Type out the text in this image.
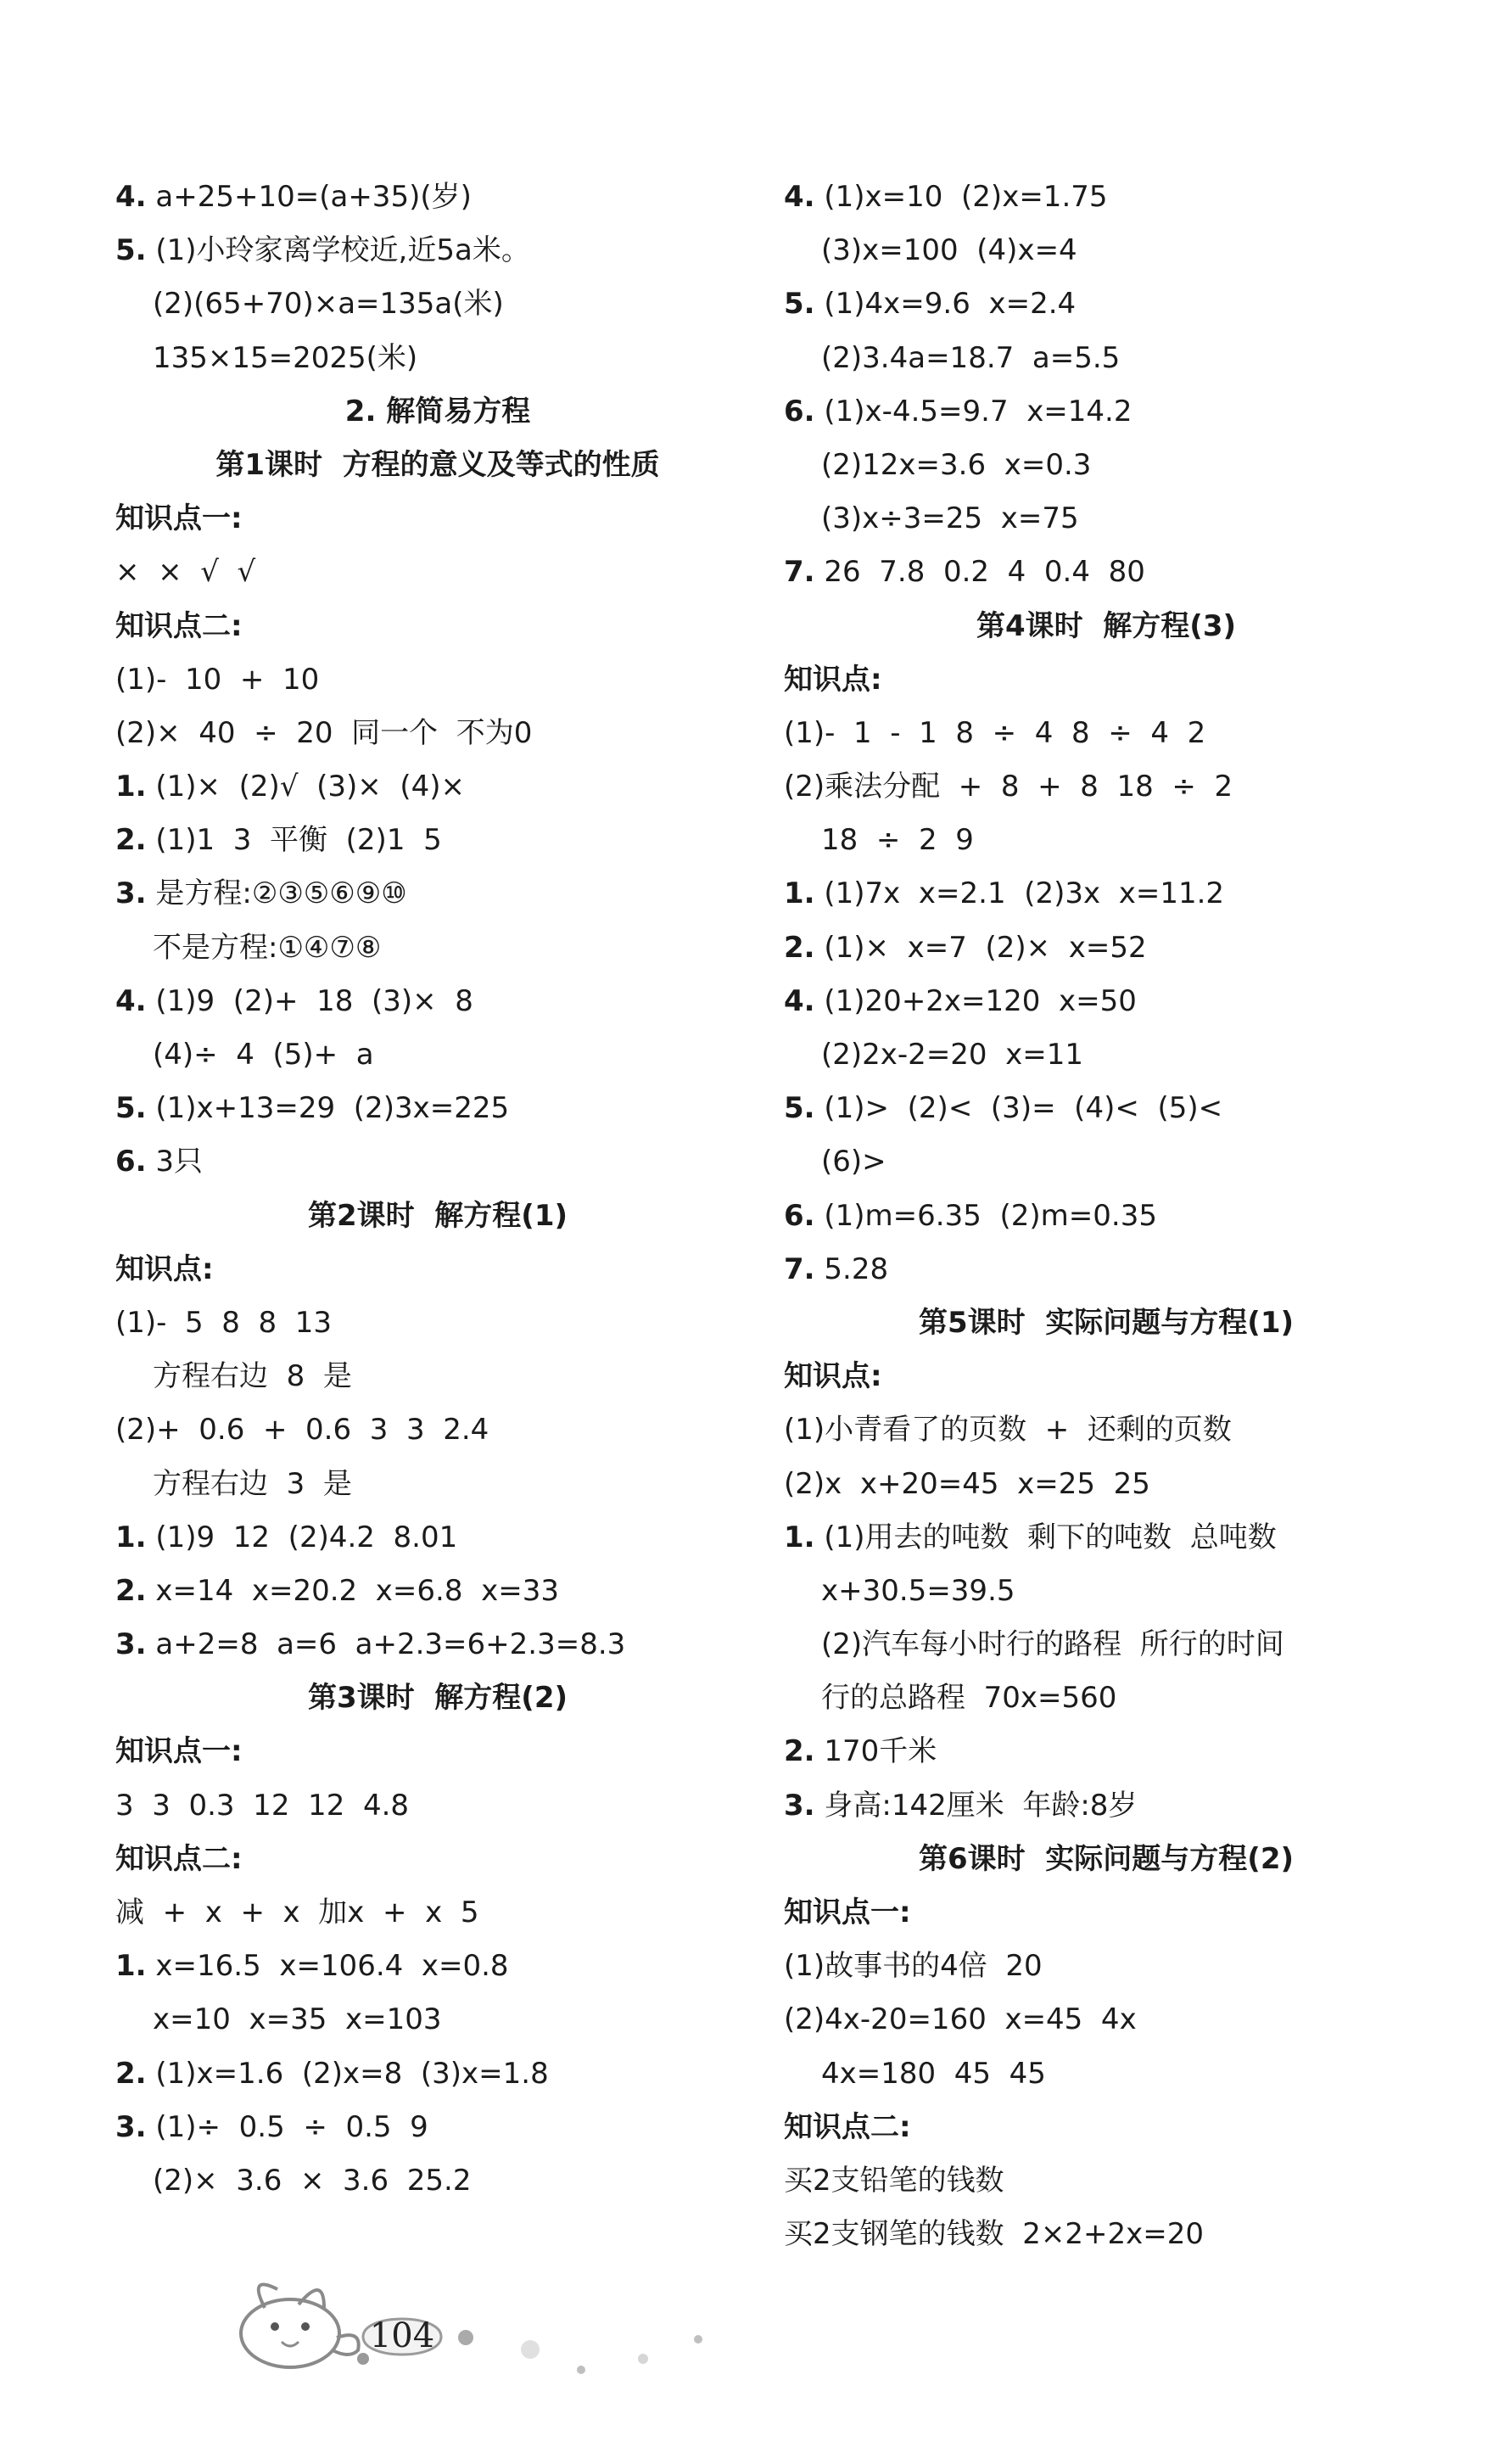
4. a+25+10=(a+35)(岁)
5. (1)小玲家离学校近,近5a米。
(2)(65+70)×a=135a(米)
135×15=2025(米)
2. 解简易方程
第1课时  方程的意义及等式的性质
知识点一:
×  ×  √  √
知识点二:
(1)-  10  +  10
(2)×  40  ÷  20  同一个  不为0
1. (1)×  (2)√  (3)×  (4)×
2. (1)1  3  平衡  (2)1  5
3. 是方程:②③⑤⑥⑨⑩
不是方程:①④⑦⑧
4. (1)9  (2)+  18  (3)×  8
(4)÷  4  (5)+  a
5. (1)x+13=29  (2)3x=225
6. 3只
第2课时  解方程(1)
知识点:
(1)-  5  8  8  13
方程右边  8  是
(2)+  0.6  +  0.6  3  3  2.4
方程右边  3  是
1. (1)9  12  (2)4.2  8.01
2. x=14  x=20.2  x=6.8  x=33
3. a+2=8  a=6  a+2.3=6+2.3=8.3
第3课时  解方程(2)
知识点一:
3  3  0.3  12  12  4.8
知识点二:
减  +  x  +  x  加x  +  x  5
1. x=16.5  x=106.4  x=0.8
x=10  x=35  x=103
2. (1)x=1.6  (2)x=8  (3)x=1.8
3. (1)÷  0.5  ÷  0.5  9
(2)×  3.6  ×  3.6  25.2
4. (1)x=10  (2)x=1.75
(3)x=100  (4)x=4
5. (1)4x=9.6  x=2.4
(2)3.4a=18.7  a=5.5
6. (1)x-4.5=9.7  x=14.2
(2)12x=3.6  x=0.3
(3)x÷3=25  x=75
7. 26  7.8  0.2  4  0.4  80
第4课时  解方程(3)
知识点:
(1)-  1  -  1  8  ÷  4  8  ÷  4  2
(2)乘法分配  +  8  +  8  18  ÷  2
18  ÷  2  9
1. (1)7x  x=2.1  (2)3x  x=11.2
2. (1)×  x=7  (2)×  x=52
4. (1)20+2x=120  x=50
(2)2x-2=20  x=11
5. (1)>  (2)<  (3)=  (4)<  (5)<
(6)>
6. (1)m=6.35  (2)m=0.35
7. 5.28
第5课时  实际问题与方程(1)
知识点:
(1)小青看了的页数  +  还剩的页数
(2)x  x+20=45  x=25  25
1. (1)用去的吨数  剩下的吨数  总吨数
x+30.5=39.5
(2)汽车每小时行的路程  所行的时间
行的总路程  70x=560
2. 170千米
3. 身高:142厘米  年龄:8岁
第6课时  实际问题与方程(2)
知识点一:
(1)故事书的4倍  20
(2)4x-20=160  x=45  4x
4x=180  45  45
知识点二:
买2支铅笔的钱数
买2支钢笔的钱数  2×2+2x=20
104
